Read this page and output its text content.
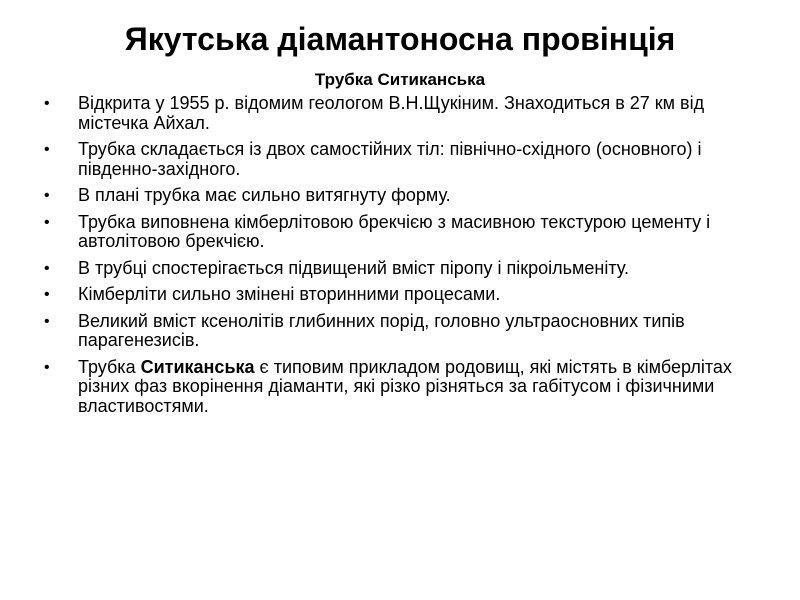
Якутська діамантоносна провінція
Трубка Ситиканська
• Відкрита у 1955 р. відомим геологом В.Н.Щукіним. Знаходиться в 27 км від містечка Айхал.
• Трубка складається із двох самостійних тіл: північно-східного (основного) і південно-західного.
• В плані трубка має сильно витягнуту форму.
• Трубка виповнена кімберлітовою брекчією з масивною текстурою цементу і автолітовою брекчією.
• В трубці спостерігається підвищений вміст піропу і пікроільменіту.
• Кімберліти сильно змінені вторинними процесами.
• Великий вміст ксенолітів глибинних порід, головно ультраосновних типів парагенезисів.
• Трубка Ситиканська є типовим прикладом родовищ, які містять в кімберлітах різних фаз вкорінення діаманти, які різко різняться за габітусом і фізичними властивостями.
